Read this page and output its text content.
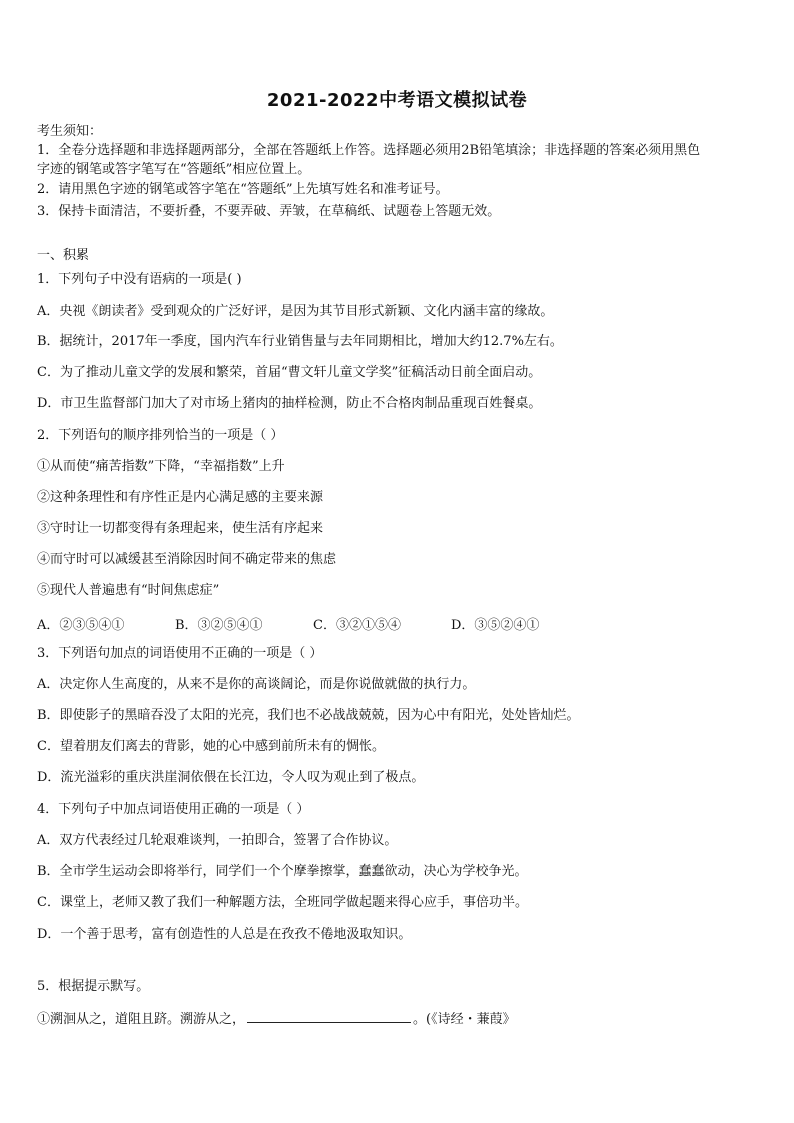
2021-2022中考语文模拟试卷
考生须知：
1．全卷分选择题和非选择题两部分，全部在答题纸上作答。选择题必须用2B铅笔填涂；非选择题的答案必须用黑色
字迹的钢笔或答字笔写在“答题纸”相应位置上。
2．请用黑色字迹的钢笔或答字笔在“答题纸”上先填写姓名和准考证号。
3．保持卡面清洁，不要折叠，不要弄破、弄皱，在草稿纸、试题卷上答题无效。
一、积累
1．下列句子中没有语病的一项是( )
A．央视《朗读者》受到观众的广泛好评，是因为其节目形式新颖、文化内涵丰富的缘故。
B．据统计，2017年一季度，国内汽车行业销售量与去年同期相比，增加大约12.7%左右。
C．为了推动儿童文学的发展和繁荣，首届“曹文轩儿童文学奖”征稿活动日前全面启动。
D．市卫生监督部门加大了对市场上猪肉的抽样检测，防止不合格肉制品重现百姓餐桌。
2．下列语句的顺序排列恰当的一项是（ ）
①从而使“痛苦指数”下降，“幸福指数”上升
②这种条理性和有序性正是内心满足感的主要来源
③守时让一切都变得有条理起来，使生活有序起来
④而守时可以减缓甚至消除因时间不确定带来的焦虑
⑤现代人普遍患有“时间焦虑症”
A．②③⑤④①	B．③②⑤④①	C．③②①⑤④	D．③⑤②④①
3．下列语句加点的词语使用不正确的一项是（ ）
A．决定你人生高度的，从来不是你的高谈阔论，而是你说做就做的执行力。
B．即使影子的黑暗吞没了太阳的光亮，我们也不必战战兢兢，因为心中有阳光，处处皆灿烂。
C．望着朋友们离去的背影，她的心中感到前所未有的惆怅。
D．流光溢彩的重庆洪崖洞依偎在长江边，令人叹为观止到了极点。
4．下列句子中加点词语使用正确的一项是（ ）
A．双方代表经过几轮艰难谈判，一拍即合，签署了合作协议。
B．全市学生运动会即将举行，同学们一个个摩拳擦掌，蠢蠢欲动，决心为学校争光。
C．课堂上，老师又教了我们一种解题方法，全班同学做起题来得心应手，事倍功半。
D．一个善于思考，富有创造性的人总是在孜孜不倦地汲取知识。
5．根据提示默写。
①溯洄从之，道阻且跻。溯游从之，	。(《诗经・蒹葭》
